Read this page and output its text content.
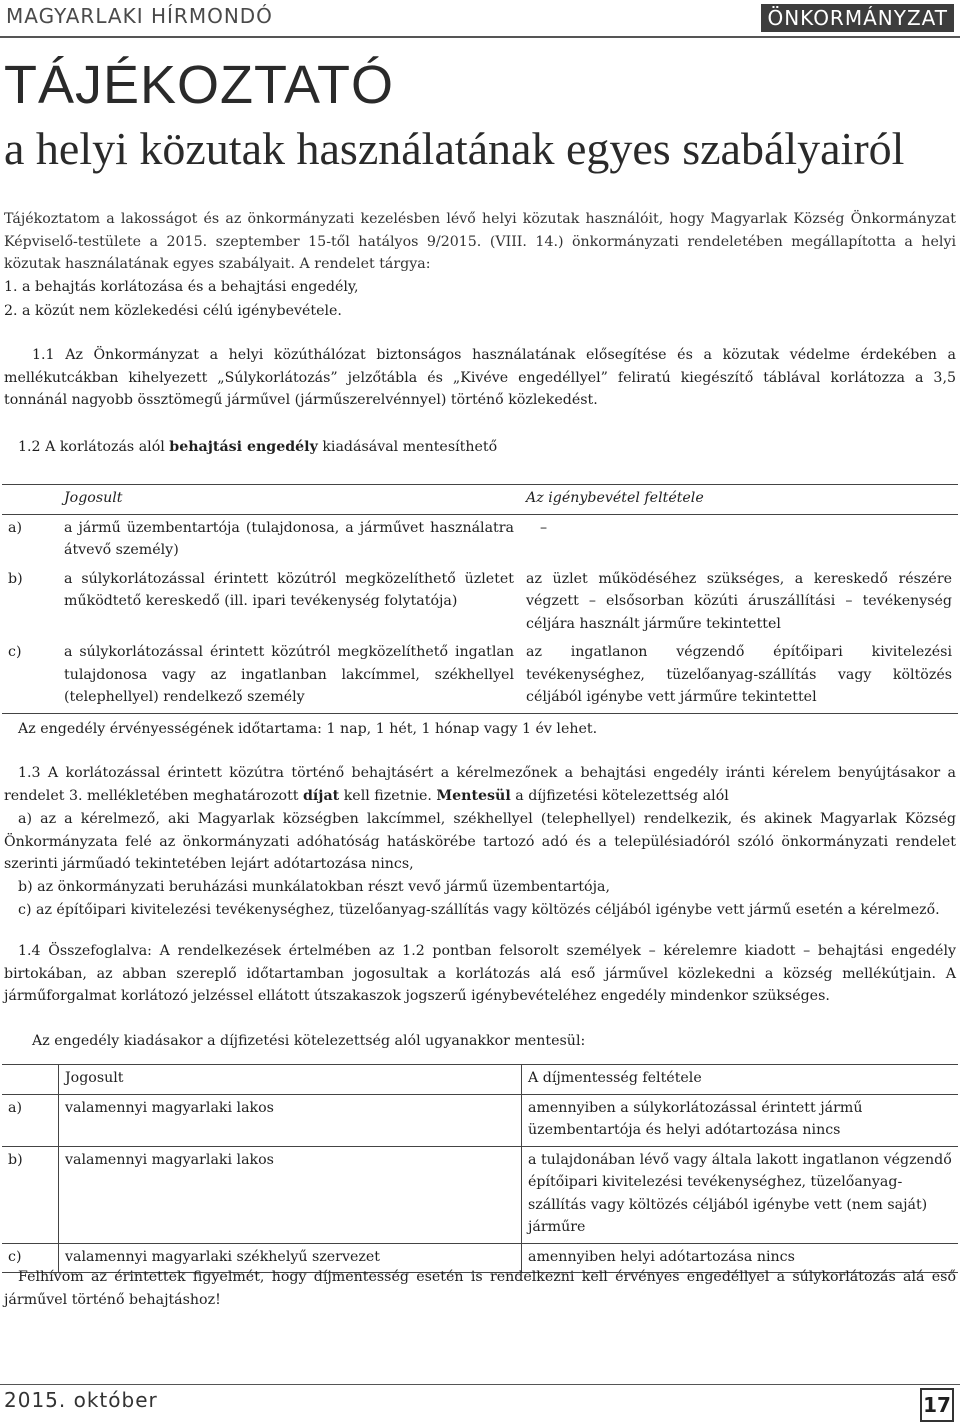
MAGYARLAKI HÍRMONDÓ	ÖNKORMÁNYZAT
TÁJÉKOZTATÓ
a helyi közutak használatának egyes szabályairól
Tájékoztatom a lakosságot és az önkormányzati kezelésben lévő helyi közutak használóit, hogy Magyarlak Község Önkormányzat Képviselő-testülete a 2015. szeptember 15-től hatályos 9/2015. (VIII. 14.) önkormányzati rendeletében megállapította a helyi közutak használatának egyes szabályait. A rendelet tárgya:
1. a behajtás korlátozása és a behajtási engedély,
2. a közút nem közlekedési célú igénybevétele.
1.1 Az Önkormányzat a helyi közúthálózat biztonságos használatának elősegítése és a közutak védelme érdekében a mellékutcákban kihelyezett „Súlykorlátozás” jelzőtábla és „Kivéve engedéllyel” feliratú kiegészítő táblával korlátozza a 3,5 tonnánál nagyobb össztömegű járművel (járműszerelvénnyel) történő közlekedést.
1.2 A korlátozás alól behajtási engedély kiadásával mentesíthető
	Jogosult	Az igénybevétel feltétele
a)	a jármű üzembentartója (tulajdonosa, a járművet használatra átvevő személy)	–
b)	a súlykorlátozással érintett közútról megközelíthető üzletet működtető kereskedő (ill. ipari tevékenység folytatója)	az üzlet működéséhez szükséges, a kereskedő részére végzett – elsősorban közúti áruszállítási – tevékenység céljára használt járműre tekintettel
c)	a súlykorlátozással érintett közútról megközelíthető ingatlan tulajdonosa vagy az ingatlanban lakcímmel, székhellyel (telephellyel) rendelkező személy	az ingatlanon végzendő építőipari kivitelezési tevékenységhez, tüzelőanyag-szállítás vagy költözés céljából igénybe vett járműre tekintettel
Az engedély érvényességének időtartama: 1 nap, 1 hét, 1 hónap vagy 1 év lehet.
1.3 A korlátozással érintett közútra történő behajtásért a kérelmezőnek a behajtási engedély iránti kérelem benyújtásakor a rendelet 3. mellékletében meghatározott díjat kell fizetnie. Mentesül a díjfizetési kötelezettség alól
a) az a kérelmező, aki Magyarlak községben lakcímmel, székhellyel (telephellyel) rendelkezik, és akinek Magyarlak Község Önkormányzata felé az önkormányzati adóhatóság hatáskörébe tartozó adó és a településiadóról szóló önkormányzati rendelet szerinti járműadó tekintetében lejárt adótartozása nincs,
b) az önkormányzati beruházási munkálatokban részt vevő jármű üzembentartója,
c) az építőipari kivitelezési tevékenységhez, tüzelőanyag-szállítás vagy költözés céljából igénybe vett jármű esetén a kérelmező.
1.4 Összefoglalva: A rendelkezések értelmében az 1.2 pontban felsorolt személyek – kérelemre kiadott – behajtási engedély birtokában, az abban szereplő időtartamban jogosultak a korlátozás alá eső járművel közlekedni a község mellékútjain. A járműforgalmat korlátozó jelzéssel ellátott útszakaszok jogszerű igénybevételéhez engedély mindenkor szükséges.
Az engedély kiadásakor a díjfizetési kötelezettség alól ugyanakkor mentesül:
	Jogosult	A díjmentesség feltétele
a)	valamennyi magyarlaki lakos	amennyiben a súlykorlátozással érintett jármű üzembentartója és helyi adótartozása nincs
b)	valamennyi magyarlaki lakos	a tulajdonában lévő vagy általa lakott ingatlanon végzendő építőipari kivitelezési tevékenységhez, tüzelőanyag-szállítás vagy költözés céljából igénybe vett (nem saját) járműre
c)	valamennyi magyarlaki székhelyű szervezet	amennyiben helyi adótartozása nincs
Felhívom az érintettek figyelmét, hogy díjmentesség esetén is rendelkezni kell érvényes engedéllyel a súlykorlátozás alá eső járművel történő behajtáshoz!
2015. október	17
